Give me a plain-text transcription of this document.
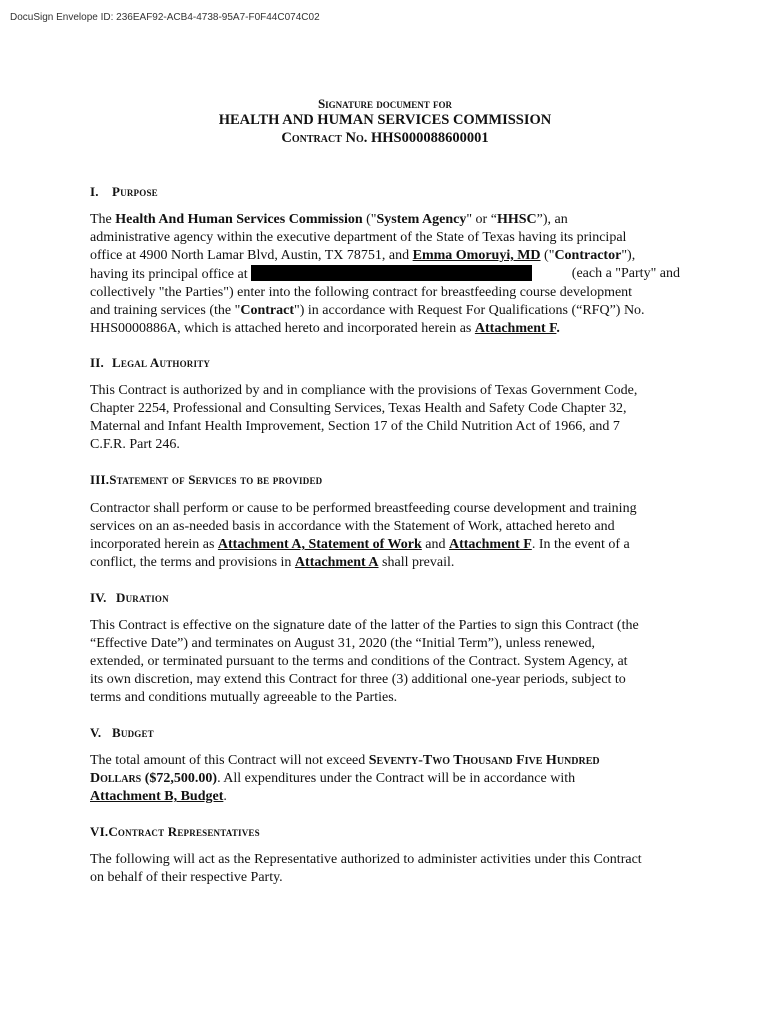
DocuSign Envelope ID: 236EAF92-ACB4-4738-95A7-F0F44C074C02
Signature document for
HEALTH AND HUMAN SERVICES COMMISSION
Contract No. HHS000088600001
I. Purpose
The Health And Human Services Commission ("System Agency" or “HHSC”), an
administrative agency within the executive department of the State of Texas having its principal
office at 4900 North Lamar Blvd, Austin, TX 78751, and Emma Omoruyi, MD ("Contractor"),
having its principal office at	(each a "Party" and
collectively "the Parties") enter into the following contract for breastfeeding course development
and training services (the "Contract") in accordance with Request For Qualifications (“RFQ”) No.
HHS0000886A, which is attached hereto and incorporated herein as Attachment F.
II. Legal Authority
This Contract is authorized by and in compliance with the provisions of Texas Government Code,
Chapter 2254, Professional and Consulting Services, Texas Health and Safety Code Chapter 32,
Maternal and Infant Health Improvement, Section 17 of the Child Nutrition Act of 1966, and 7
C.F.R. Part 246.
III.Statement of Services to be provided
Contractor shall perform or cause to be performed breastfeeding course development and training
services on an as-needed basis in accordance with the Statement of Work, attached hereto and
incorporated herein as Attachment A, Statement of Work and Attachment F. In the event of a
conflict, the terms and provisions in Attachment A shall prevail.
IV. Duration
This Contract is effective on the signature date of the latter of the Parties to sign this Contract (the
“Effective Date”) and terminates on August 31, 2020 (the “Initial Term”), unless renewed,
extended, or terminated pursuant to the terms and conditions of the Contract. System Agency, at
its own discretion, may extend this Contract for three (3) additional one-year periods, subject to
terms and conditions mutually agreeable to the Parties.
V. Budget
The total amount of this Contract will not exceed Seventy-Two Thousand Five Hundred
Dollars ($72,500.00). All expenditures under the Contract will be in accordance with
Attachment B, Budget.
VI.Contract Representatives
The following will act as the Representative authorized to administer activities under this Contract
on behalf of their respective Party.
